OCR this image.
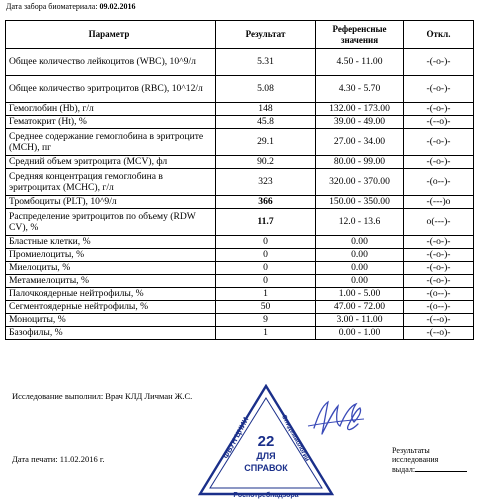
Дата забора биоматериала: 09.02.2016
Параметр	Результат	Референсные значения	Откл.
Общее количество лейкоцитов (WBC), 10^9/л	5.31	4.50 - 11.00	-(-o-)-
Общее количество эритроцитов (RBC), 10^12/л	5.08	4.30 - 5.70	-(-o-)-
Гемоглобин (Hb), г/л	148	132.00 - 173.00	-(-o-)-
Гематокрит (Ht), %	45.8	39.00 - 49.00	-(--o)-
Среднее содержание гемоглобина в эритроците (MCH), пг	29.1	27.00 - 34.00	-(-o-)-
Средний объем эритроцита (MCV), фл	90.2	80.00 - 99.00	-(-o-)-
Средняя концентрация гемоглобина в эритроцитах (MCHC), г/л	323	320.00 - 370.00	-(o--)-
Тромбоциты (PLT), 10^9/л	366	150.00 - 350.00	-(---)o
Распределение эритроцитов по объему (RDW CV), %	11.7	12.0 - 13.6	o(---)-
Бластные клетки, %	0	0.00	-(-o-)-
Промиелоциты, %	0	0.00	-(-o-)-
Миелоциты, %	0	0.00	-(-o-)-
Метамиелоциты, %	0	0.00	-(-o-)-
Палочкоядерные нейтрофилы, %	1	1.00 - 5.00	-(o--)-
Сегментоядерные нейтрофилы, %	50	47.00 - 72.00	-(o--)-
Моноциты, %	9	3.00 - 11.00	-(--o)-
Базофилы, %	1	0.00 - 1.00	-(--o)-
Исследование выполнил: Врач КЛД Личман Ж.С.
Дата печати: 11.02.2016 г.
Результаты
исследования
выдал:
22
ДЛЯ
СПРАВОК
Роспотребнадзора
ФБУН ЦНИИ	Эпидемиологии
